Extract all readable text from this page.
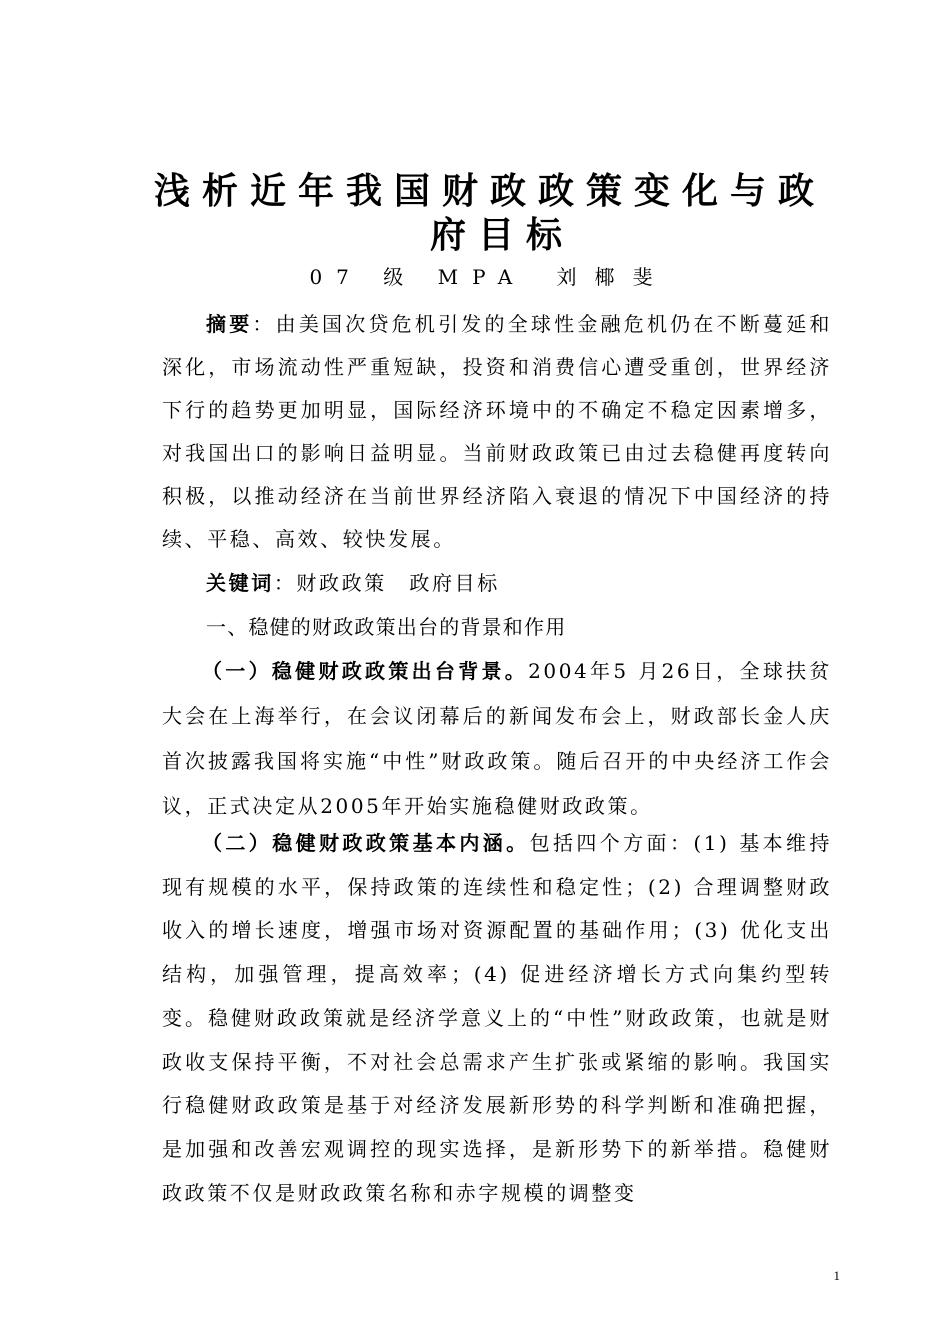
浅析近年我国财政政策变化与政
府目标
07 级 MPA 刘椰斐

摘要：由美国次贷危机引发的全球性金融危机仍在不断蔓延和深化，市场流动性严重短缺，投资和消费信心遭受重创，世界经济下行的趋势更加明显，国际经济环境中的不确定不稳定因素增多，对我国出口的影响日益明显。当前财政政策已由过去稳健再度转向积极，以推动经济在当前世界经济陷入衰退的情况下中国经济的持续、平稳、高效、较快发展。

关键词：财政政策　政府目标

一、稳健的财政政策出台的背景和作用

（一）稳健财政政策出台背景。2004年5 月26日，全球扶贫大会在上海举行，在会议闭幕后的新闻发布会上，财政部长金人庆首次披露我国将实施“中性”财政政策。随后召开的中央经济工作会议，正式决定从2005年开始实施稳健财政政策。

（二）稳健财政政策基本内涵。包括四个方面：(1) 基本维持现有规模的水平，保持政策的连续性和稳定性；(2) 合理调整财政收入的增长速度，增强市场对资源配置的基础作用；(3) 优化支出结构，加强管理，提高效率；(4) 促进经济增长方式向集约型转变。稳健财政政策就是经济学意义上的“中性”财政政策，也就是财政收支保持平衡，不对社会总需求产生扩张或紧缩的影响。我国实行稳健财政政策是基于对经济发展新形势的科学判断和准确把握，是加强和改善宏观调控的现实选择，是新形势下的新举措。稳健财政政策不仅是财政政策名称和赤字规模的调整变

1
